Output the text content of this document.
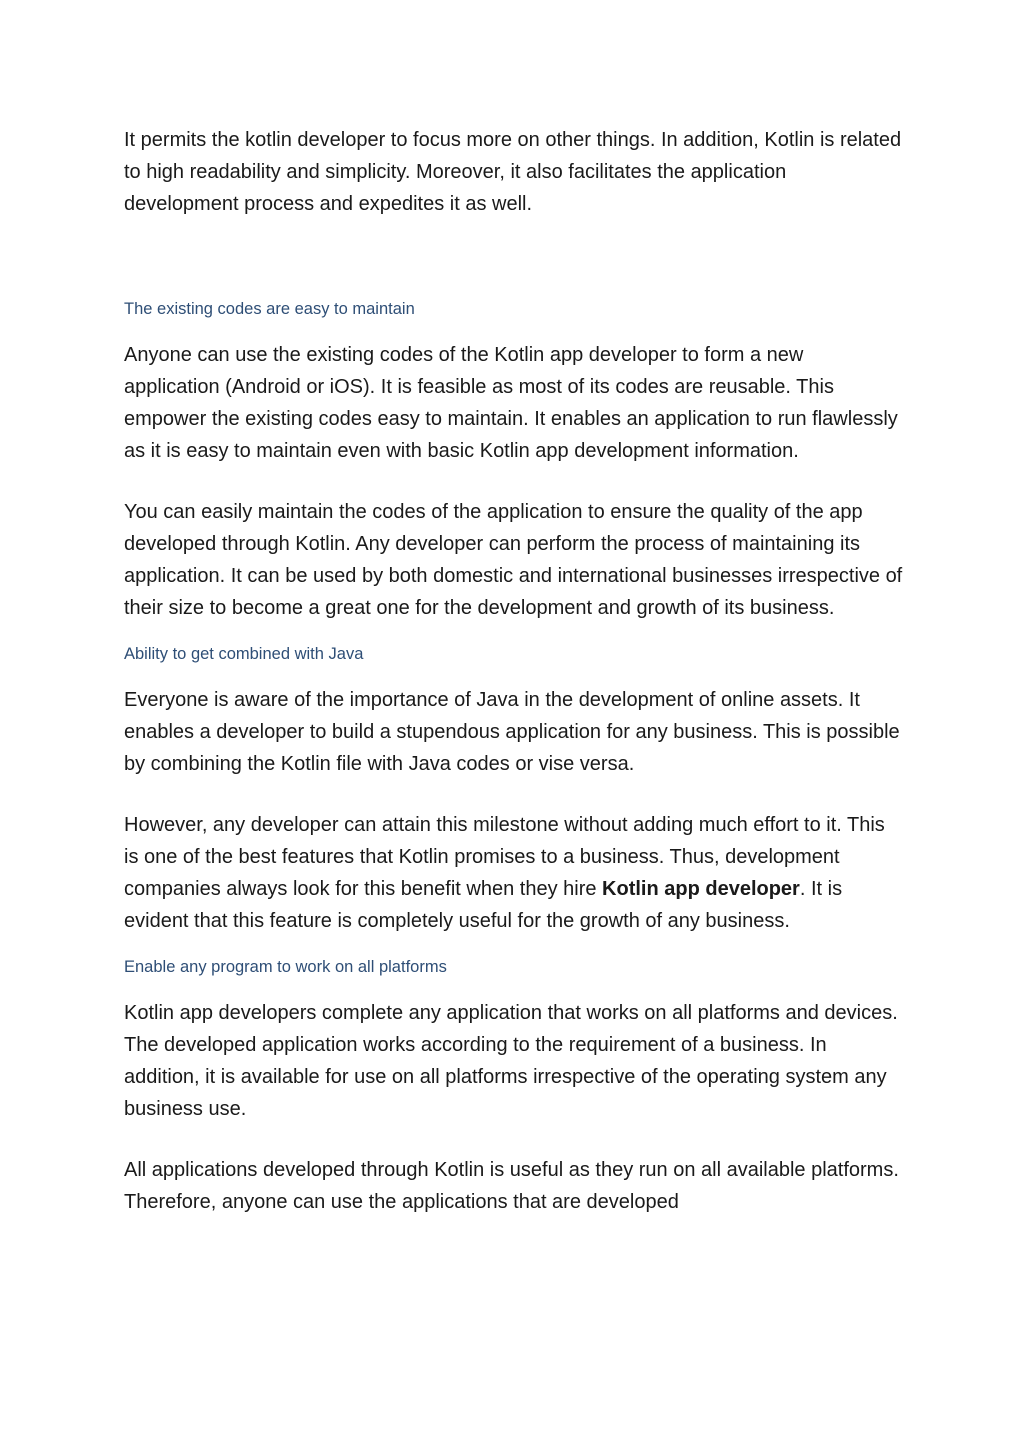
It permits the kotlin developer to focus more on other things. In addition, Kotlin is related to high readability and simplicity. Moreover, it also facilitates the application development process and expedites it as well.

The existing codes are easy to maintain

Anyone can use the existing codes of the Kotlin app developer to form a new application (Android or iOS). It is feasible as most of its codes are reusable. This empower the existing codes easy to maintain. It enables an application to run flawlessly as it is easy to maintain even with basic Kotlin app development information.

You can easily maintain the codes of the application to ensure the quality of the app developed through Kotlin. Any developer can perform the process of maintaining its application. It can be used by both domestic and international businesses irrespective of their size to become a great one for the development and growth of its business.

Ability to get combined with Java

Everyone is aware of the importance of Java in the development of online assets. It enables a developer to build a stupendous application for any business. This is possible by combining the Kotlin file with Java codes or vise versa.

However, any developer can attain this milestone without adding much effort to it. This is one of the best features that Kotlin promises to a business. Thus, development companies always look for this benefit when they hire Kotlin app developer. It is evident that this feature is completely useful for the growth of any business.

Enable any program to work on all platforms

Kotlin app developers complete any application that works on all platforms and devices. The developed application works according to the requirement of a business. In addition, it is available for use on all platforms irrespective of the operating system any business use.

All applications developed through Kotlin is useful as they run on all available platforms. Therefore, anyone can use the applications that are developed
